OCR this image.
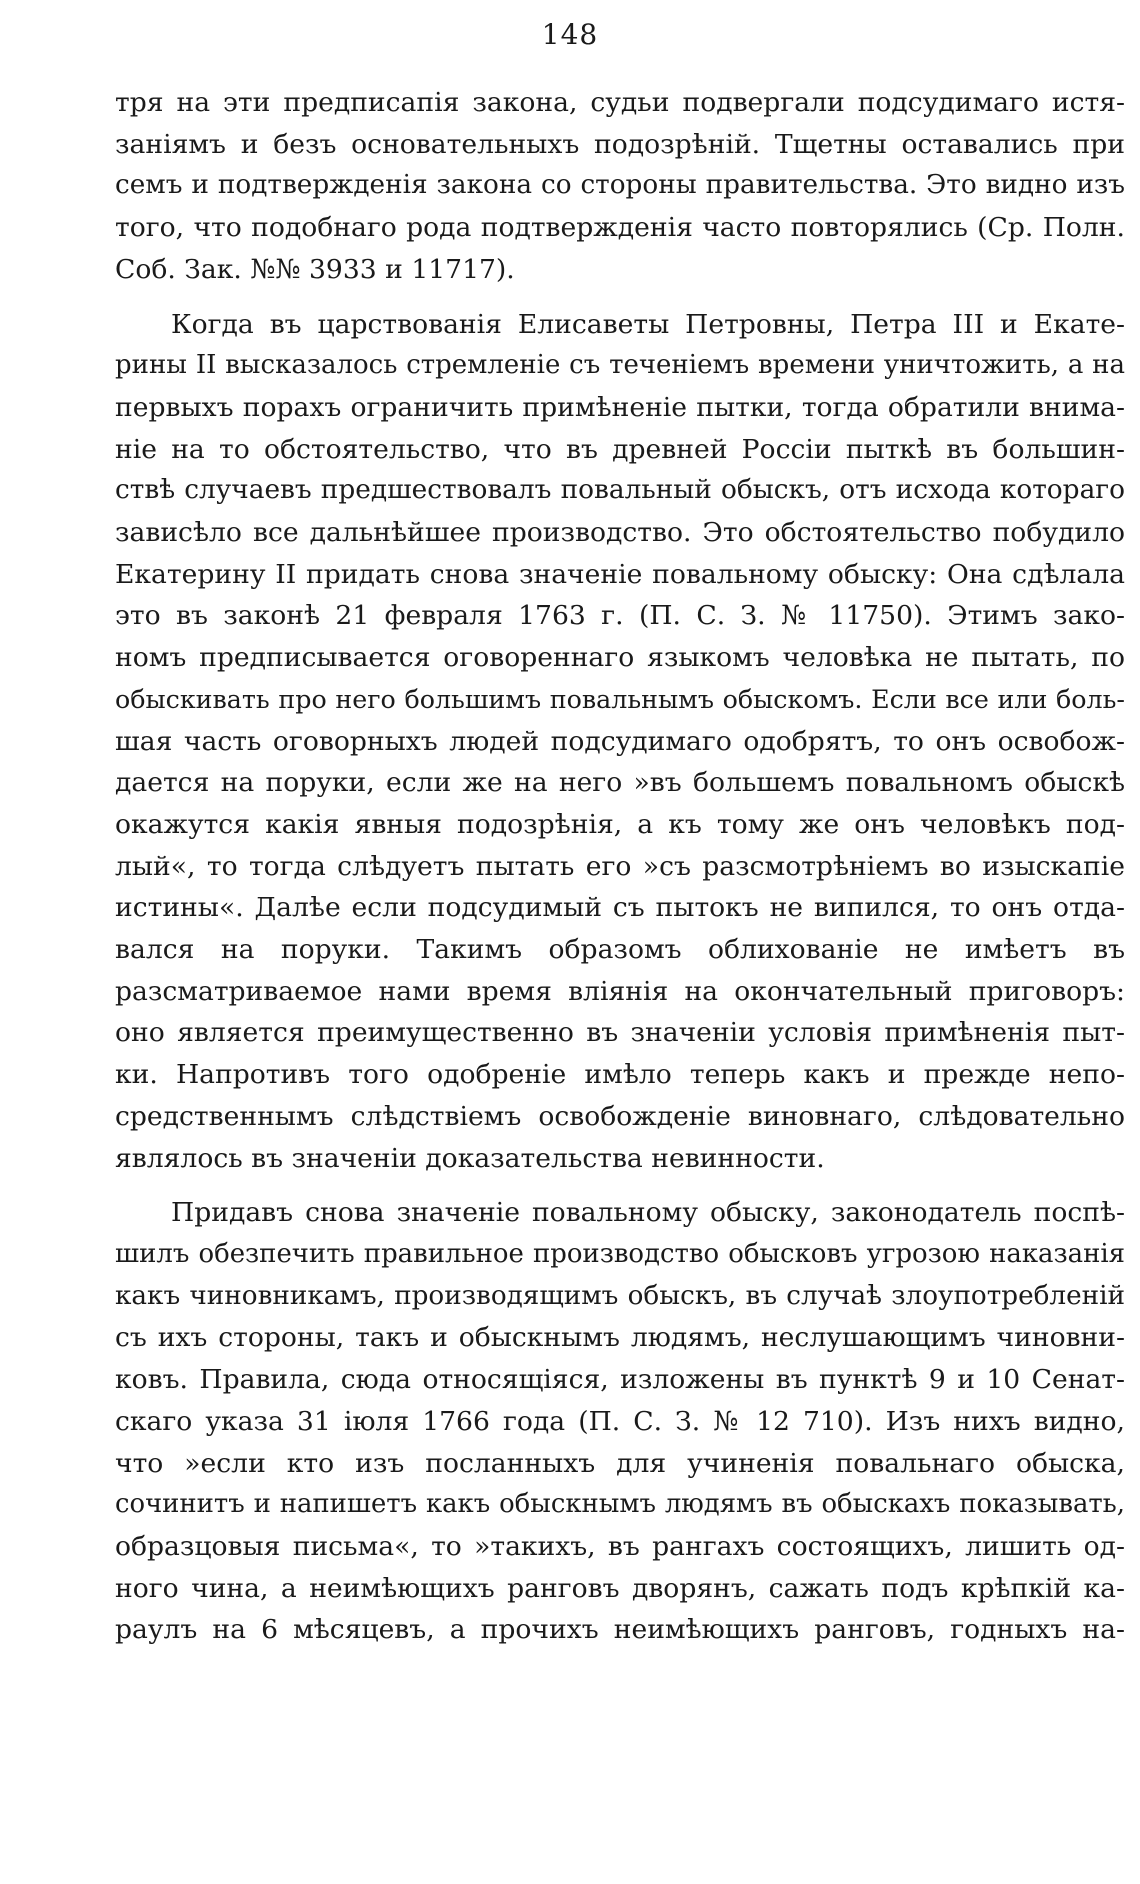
148

тря на эти предписапія закона, судьи подвергали подсудимаго истя-
заніямъ и безъ основательныхъ подозрѣній. Тщетны оставались при
семъ и подтвержденія закона со стороны правительства. Это видно изъ
того, что подобнаго рода подтвержденія часто повторялись (Ср. Полн.
Соб. Зак. №№ 3933 и 11717).

Когда въ царствованія Елисаветы Петровны, Петра III и Екате-
рины II высказалось стремленіе съ теченіемъ времени уничтожить, а на
первыхъ порахъ ограничить примѣненіе пытки, тогда обратили внима-
ніе на то обстоятельство, что въ древней Россіи пыткѣ въ большин-
ствѣ случаевъ предшествовалъ повальный обыскъ, отъ исхода котораго
зависѣло все дальнѣйшее производство. Это обстоятельство побудило
Екатерину II придать снова значеніе повальному обыску: Она сдѣлала
это въ законѣ 21 февраля 1763 г. (П. С. З. № 11750). Этимъ зако-
номъ предписывается оговореннаго языкомъ человѣка не пытать, по
обыскивать про него большимъ повальнымъ обыскомъ. Если все или боль-
шая часть оговорныхъ людей подсудимаго одобрятъ, то онъ освобож-
дается на поруки, если же на него »въ большемъ повальномъ обыскѣ
окажутся какія явныя подозрѣнія, а къ тому же онъ человѣкъ под-
лый«, то тогда слѣдуетъ пытать его »съ разсмотрѣніемъ во изыскапіе
истины«. Далѣе если подсудимый съ пытокъ не випился, то онъ отда-
вался на поруки. Такимъ образомъ облихованіе не имѣетъ въ
разсматриваемое нами время вліянія на окончательный приговоръ:
оно является преимущественно въ значеніи условія примѣненія пыт-
ки. Напротивъ того одобреніе имѣло теперь какъ и прежде непо-
средственнымъ слѣдствіемъ освобожденіе виновнаго, слѣдовательно
являлось въ значеніи доказательства невинности.

Придавъ снова значеніе повальному обыску, законодатель поспѣ-
шилъ обезпечить правильное производство обысковъ угрозою наказанія
какъ чиновникамъ, производящимъ обыскъ, въ случаѣ злоупотребленій
съ ихъ стороны, такъ и обыскнымъ людямъ, неслушающимъ чиновни-
ковъ. Правила, сюда относящіяся, изложены въ пунктѣ 9 и 10 Сенат-
скаго указа 31 іюля 1766 года (П. С. З. № 12 710). Изъ нихъ видно,
что »если кто изъ посланныхъ для учиненія повальнаго обыска,
сочинитъ и напишетъ какъ обыскнымъ людямъ въ обыскахъ показывать,
образцовыя письма«, то »такихъ, въ рангахъ состоящихъ, лишить од-
ного чина, а неимѣющихъ ранговъ дворянъ, сажать подъ крѣпкій ка-
раулъ на 6 мѣсяцевъ, а прочихъ неимѣющихъ ранговъ, годныхъ на-
